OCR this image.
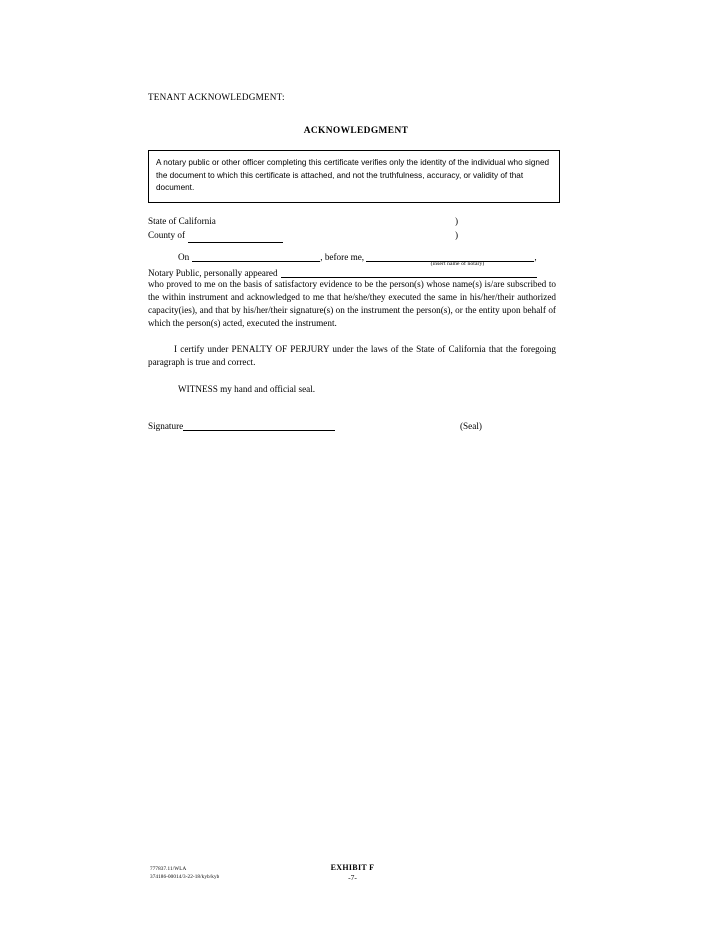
TENANT ACKNOWLEDGMENT:
ACKNOWLEDGMENT

A notary public or other officer completing this certificate verifies only the identity of the individual who signed the document to which this certificate is attached, and not the truthfulness, accuracy, or validity of that document.

State of California	)
County of	)
On	, before me,	,
(insert name of notary)
Notary Public, personally appeared

who proved to me on the basis of satisfactory evidence to be the person(s) whose name(s) is/are subscribed to the within instrument and acknowledged to me that he/she/they executed the same in his/her/their authorized capacity(ies), and that by his/her/their signature(s) on the instrument the person(s), or the entity upon behalf of which the person(s) acted, executed the instrument.

I certify under PENALTY OF PERJURY under the laws of the State of California that the foregoing paragraph is true and correct.

WITNESS my hand and official seal.

Signature	(Seal)
777837.11/WLA
374186-00014/3-22-18/kyb/kyb
EXHIBIT F
-7-
